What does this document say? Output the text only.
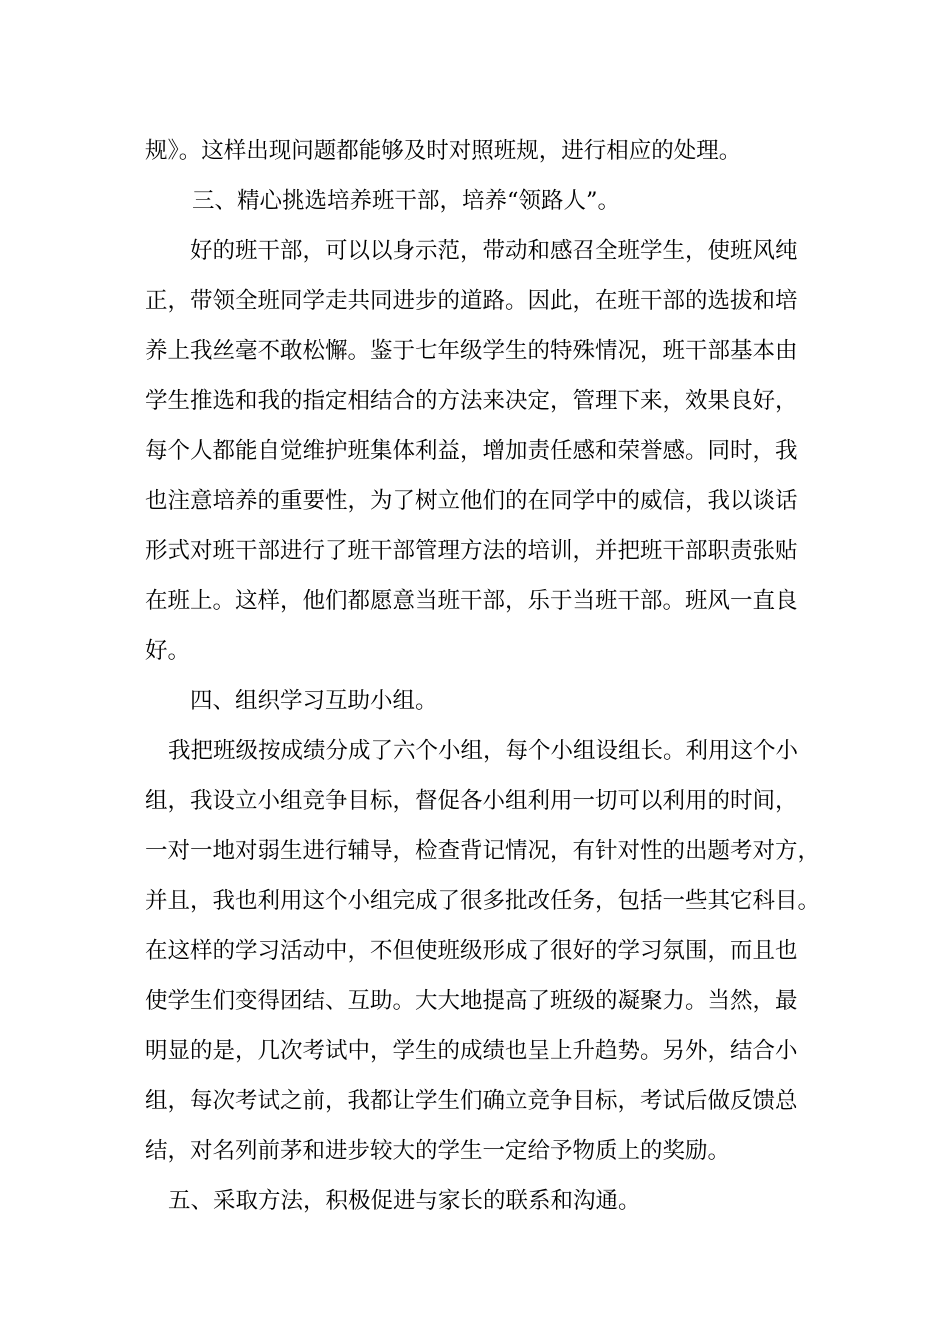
规》。这样出现问题都能够及时对照班规，进行相应的处理。
三、精心挑选培养班干部，培养“领路人”。
好的班干部，可以以身示范，带动和感召全班学生，使班风纯
正，带领全班同学走共同进步的道路。因此，在班干部的选拔和培
养上我丝毫不敢松懈。鉴于七年级学生的特殊情况，班干部基本由
学生推选和我的指定相结合的方法来决定，管理下来，效果良好，
每个人都能自觉维护班集体利益，增加责任感和荣誉感。同时，我
也注意培养的重要性，为了树立他们的在同学中的威信，我以谈话
形式对班干部进行了班干部管理方法的培训，并把班干部职责张贴
在班上。这样，他们都愿意当班干部，乐于当班干部。班风一直良
好。
四、组织学习互助小组。
我把班级按成绩分成了六个小组，每个小组设组长。利用这个小
组，我设立小组竞争目标，督促各小组利用一切可以利用的时间，
一对一地对弱生进行辅导，检查背记情况，有针对性的出题考对方，
并且，我也利用这个小组完成了很多批改任务，包括一些其它科目。
在这样的学习活动中，不但使班级形成了很好的学习氛围，而且也
使学生们变得团结、互助。大大地提高了班级的凝聚力。当然，最
明显的是，几次考试中，学生的成绩也呈上升趋势。另外，结合小
组，每次考试之前，我都让学生们确立竞争目标，考试后做反馈总
结，对名列前茅和进步较大的学生一定给予物质上的奖励。
五、采取方法，积极促进与家长的联系和沟通。
